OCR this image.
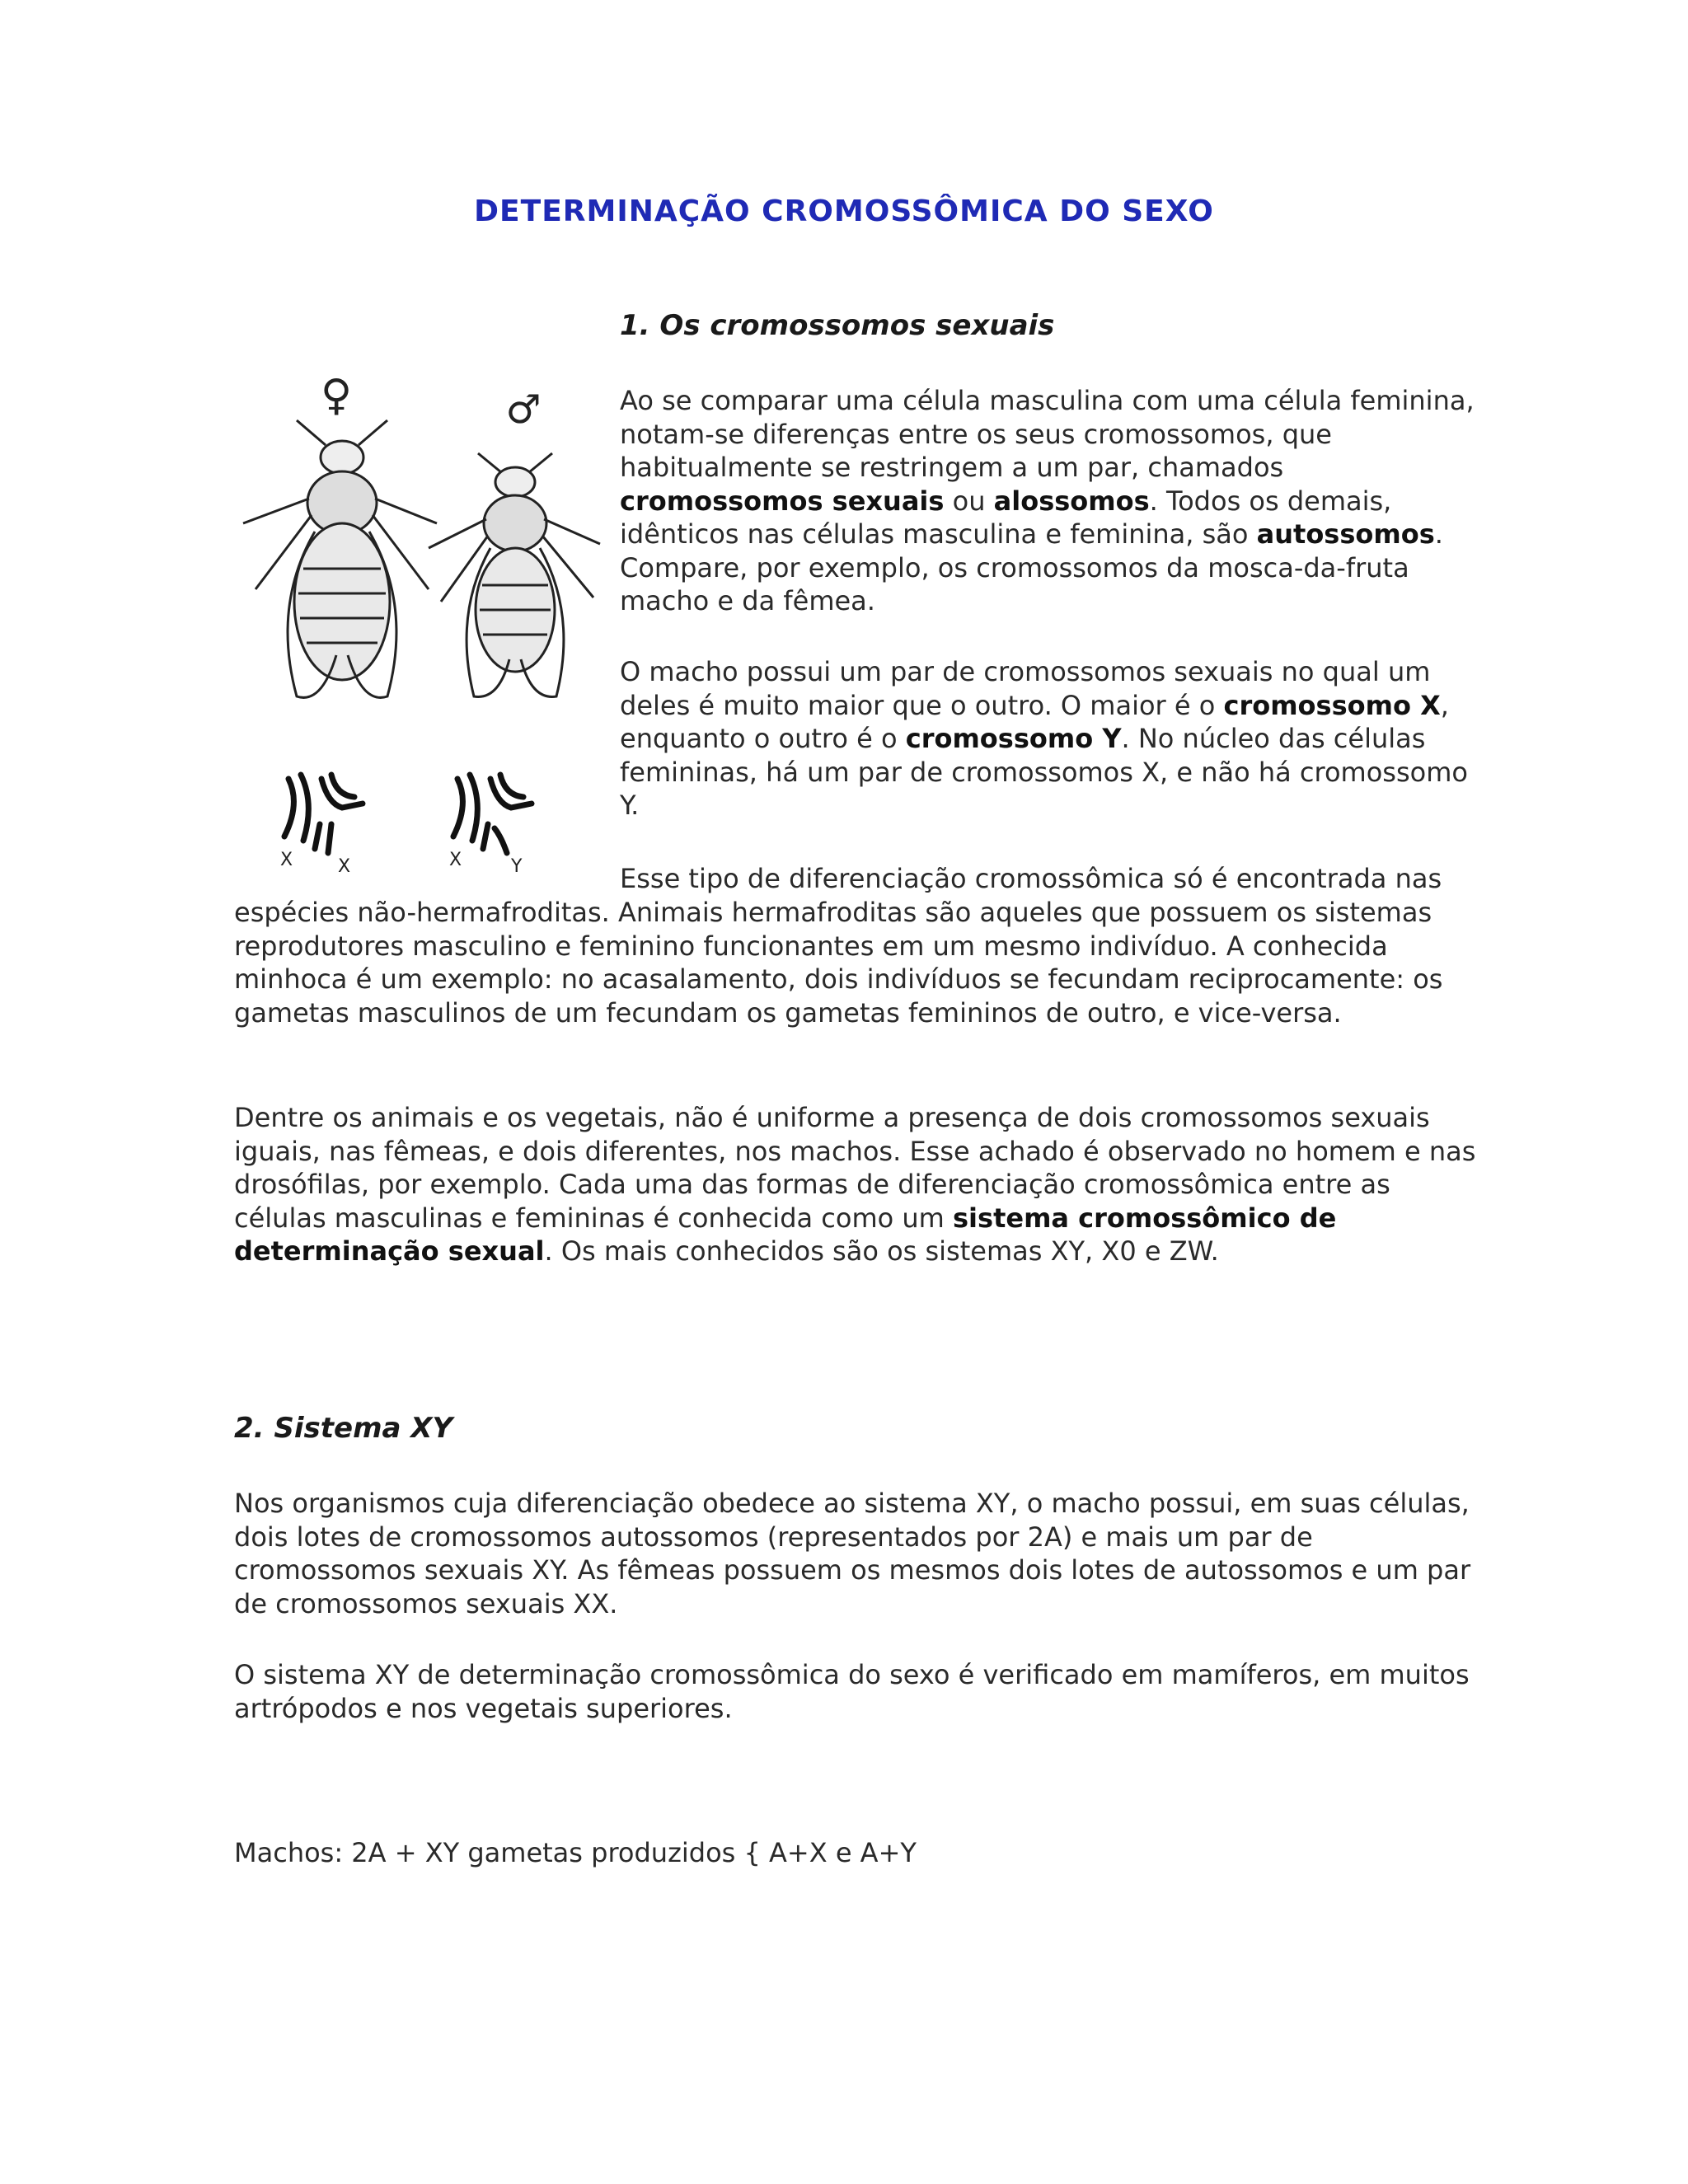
DETERMINAÇÃO CROMOSSÔMICA DO SEXO

1. Os cromossomos sexuais

♀	♂
X X	X	Y

Ao se comparar uma célula masculina com uma célula feminina, notam-se diferenças entre os seus cromossomos, que habitualmente se restringem a um par, chamados cromossomos sexuais ou alossomos. Todos os demais, idênticos nas células masculina e feminina, são autossomos. Compare, por exemplo, os cromossomos da mosca-da-fruta macho e da fêmea.

O macho possui um par de cromossomos sexuais no qual um deles é muito maior que o outro. O maior é o cromossomo X, enquanto o outro é o cromossomo Y. No núcleo das células femininas, há um par de cromossomos X, e não há cromossomo Y.

Esse tipo de diferenciação cromossômica só é encontrada nas

espécies não-hermafroditas. Animais hermafroditas são aqueles que possuem os sistemas reprodutores masculino e feminino funcionantes em um mesmo indivíduo. A conhecida minhoca é um exemplo: no acasalamento, dois indivíduos se fecundam reciprocamente: os gametas masculinos de um fecundam os gametas femininos de outro, e vice-versa.

Dentre os animais e os vegetais, não é uniforme a presença de dois cromossomos sexuais iguais, nas fêmeas, e dois diferentes, nos machos. Esse achado é observado no homem e nas drosófilas, por exemplo. Cada uma das formas de diferenciação cromossômica entre as células masculinas e femininas é conhecida como um sistema cromossômico de determinação sexual. Os mais conhecidos são os sistemas XY, X0 e ZW.

2. Sistema XY

Nos organismos cuja diferenciação obedece ao sistema XY, o macho possui, em suas células, dois lotes de cromossomos autossomos (representados por 2A) e mais um par de cromossomos sexuais XY. As fêmeas possuem os mesmos dois lotes de autossomos e um par de cromossomos sexuais XX.

O sistema XY de determinação cromossômica do sexo é verificado em mamíferos, em muitos artrópodos e nos vegetais superiores.

Machos: 2A + XY gametas produzidos { A+X e A+Y
